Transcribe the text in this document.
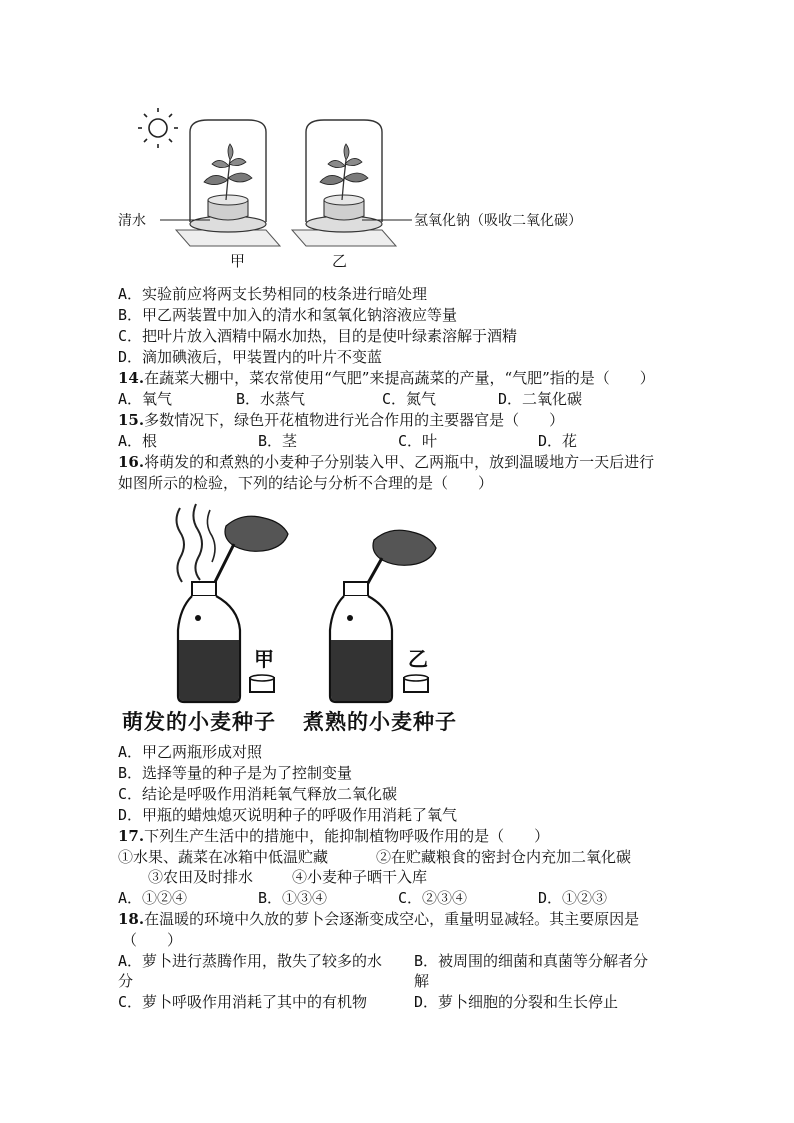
清水	氢氧化钠（吸收二氧化碳）
甲	乙
A．实验前应将两支长势相同的枝条进行暗处理
B．甲乙两装置中加入的清水和氢氧化钠溶液应等量
C．把叶片放入酒精中隔水加热，目的是使叶绿素溶解于酒精
D．滴加碘液后，甲装置内的叶片不变蓝
14.在蔬菜大棚中，菜农常使用“气肥”来提高蔬菜的产量，“气肥”指的是（　　）
A．氧气	B．水蒸气	C．氮气	D．二氧化碳
15.多数情况下，绿色开花植物进行光合作用的主要器官是（　　）
A．根	B．茎	C．叶	D．花
16.将萌发的和煮熟的小麦种子分别装入甲、乙两瓶中，放到温暖地方一天后进行
如图所示的检验，下列的结论与分析不合理的是（　　）
甲	乙
萌发的小麦种子 煮熟的小麦种子
A．甲乙两瓶形成对照
B．选择等量的种子是为了控制变量
C．结论是呼吸作用消耗氧气释放二氧化碳
D．甲瓶的蜡烛熄灭说明种子的呼吸作用消耗了氧气
17.下列生产生活中的措施中，能抑制植物呼吸作用的是（　　）
①水果、蔬菜在冰箱中低温贮藏	②在贮藏粮食的密封仓内充加二氧化碳
③农田及时排水	④小麦种子晒干入库
A．①②④	B．①③④	C．②③④	D．①②③
18.在温暖的环境中久放的萝卜会逐渐变成空心，重量明显减轻。其主要原因是
（　　）
A．萝卜进行蒸腾作用，散失了较多的水
分
B．被周围的细菌和真菌等分解者分
解
C．萝卜呼吸作用消耗了其中的有机物	D．萝卜细胞的分裂和生长停止
